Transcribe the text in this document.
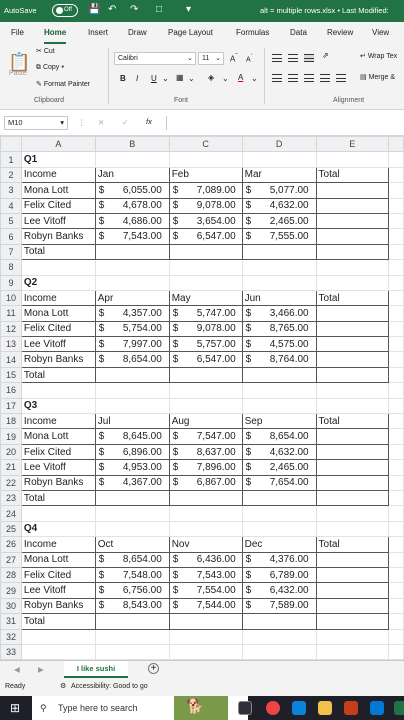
AutoSave	Off	💾 ↶ ↷ □ ▾	alt = multiple rows.xlsx • Last Modified:
File	Home	Insert Draw	Page Layout	Formulas	Data	Review View
📋
Paste
✂ Cut
⧉ Copy ▾
✎ Format Painter
Clipboard
Calibri	⌄	11 ⌄ $A^ˆ$ $A^ˇ$
B I U ⌄ ▦ ⌄ ◈ ⌄ A ⌄
Font
⇗	↵ Wrap Tex
▤ Merge &
Alignment
M10	▾ ⋮ ✕ ✓ fx
	A	B	C	D	E	
1	Q1					
2	Income	Jan	Feb	Mar	Total	
3	Mona Lott	$ 6,055.00	$ 7,089.00	$ 5,077.00		
4	Felix Cited	$ 4,678.00	$ 9,078.00	$ 4,632.00		
5	Lee Vitoff	$ 4,686.00	$ 3,654.00	$ 2,465.00		
6	Robyn Banks	$ 7,543.00	$ 6,547.00	$ 7,555.00		
7	Total					
8						
9	Q2					
10	Income	Apr	May	Jun	Total	
11	Mona Lott	$ 4,357.00	$ 5,747.00	$ 3,466.00		
12	Felix Cited	$ 5,754.00	$ 9,078.00	$ 8,765.00		
13	Lee Vitoff	$ 7,997.00	$ 5,757.00	$ 4,575.00		
14	Robyn Banks	$ 8,654.00	$ 6,547.00	$ 8,764.00		
15	Total					
16						
17	Q3					
18	Income	Jul	Aug	Sep	Total	
19	Mona Lott	$ 8,645.00	$ 7,547.00	$ 8,654.00		
20	Felix Cited	$ 6,896.00	$ 8,637.00	$ 4,632.00		
21	Lee Vitoff	$ 4,953.00	$ 7,896.00	$ 2,465.00		
22	Robyn Banks	$ 4,367.00	$ 6,867.00	$ 7,654.00		
23	Total					
24						
25	Q4					
26	Income	Oct	Nov	Dec	Total	
27	Mona Lott	$ 8,654.00	$ 6,436.00	$ 4,376.00		
28	Felix Cited	$ 7,548.00	$ 7,543.00	$ 6,789.00		
29	Lee Vitoff	$ 6,756.00	$ 7,554.00	$ 6,432.00		
30	Robyn Banks	$ 8,543.00	$ 7,544.00	$ 7,589.00		
31	Total					
32						
33						
◀ ▶	I like sushi	+
Ready	⚙ Accessibility: Good to go
⊞ ⚲ Type here to search	🐕
